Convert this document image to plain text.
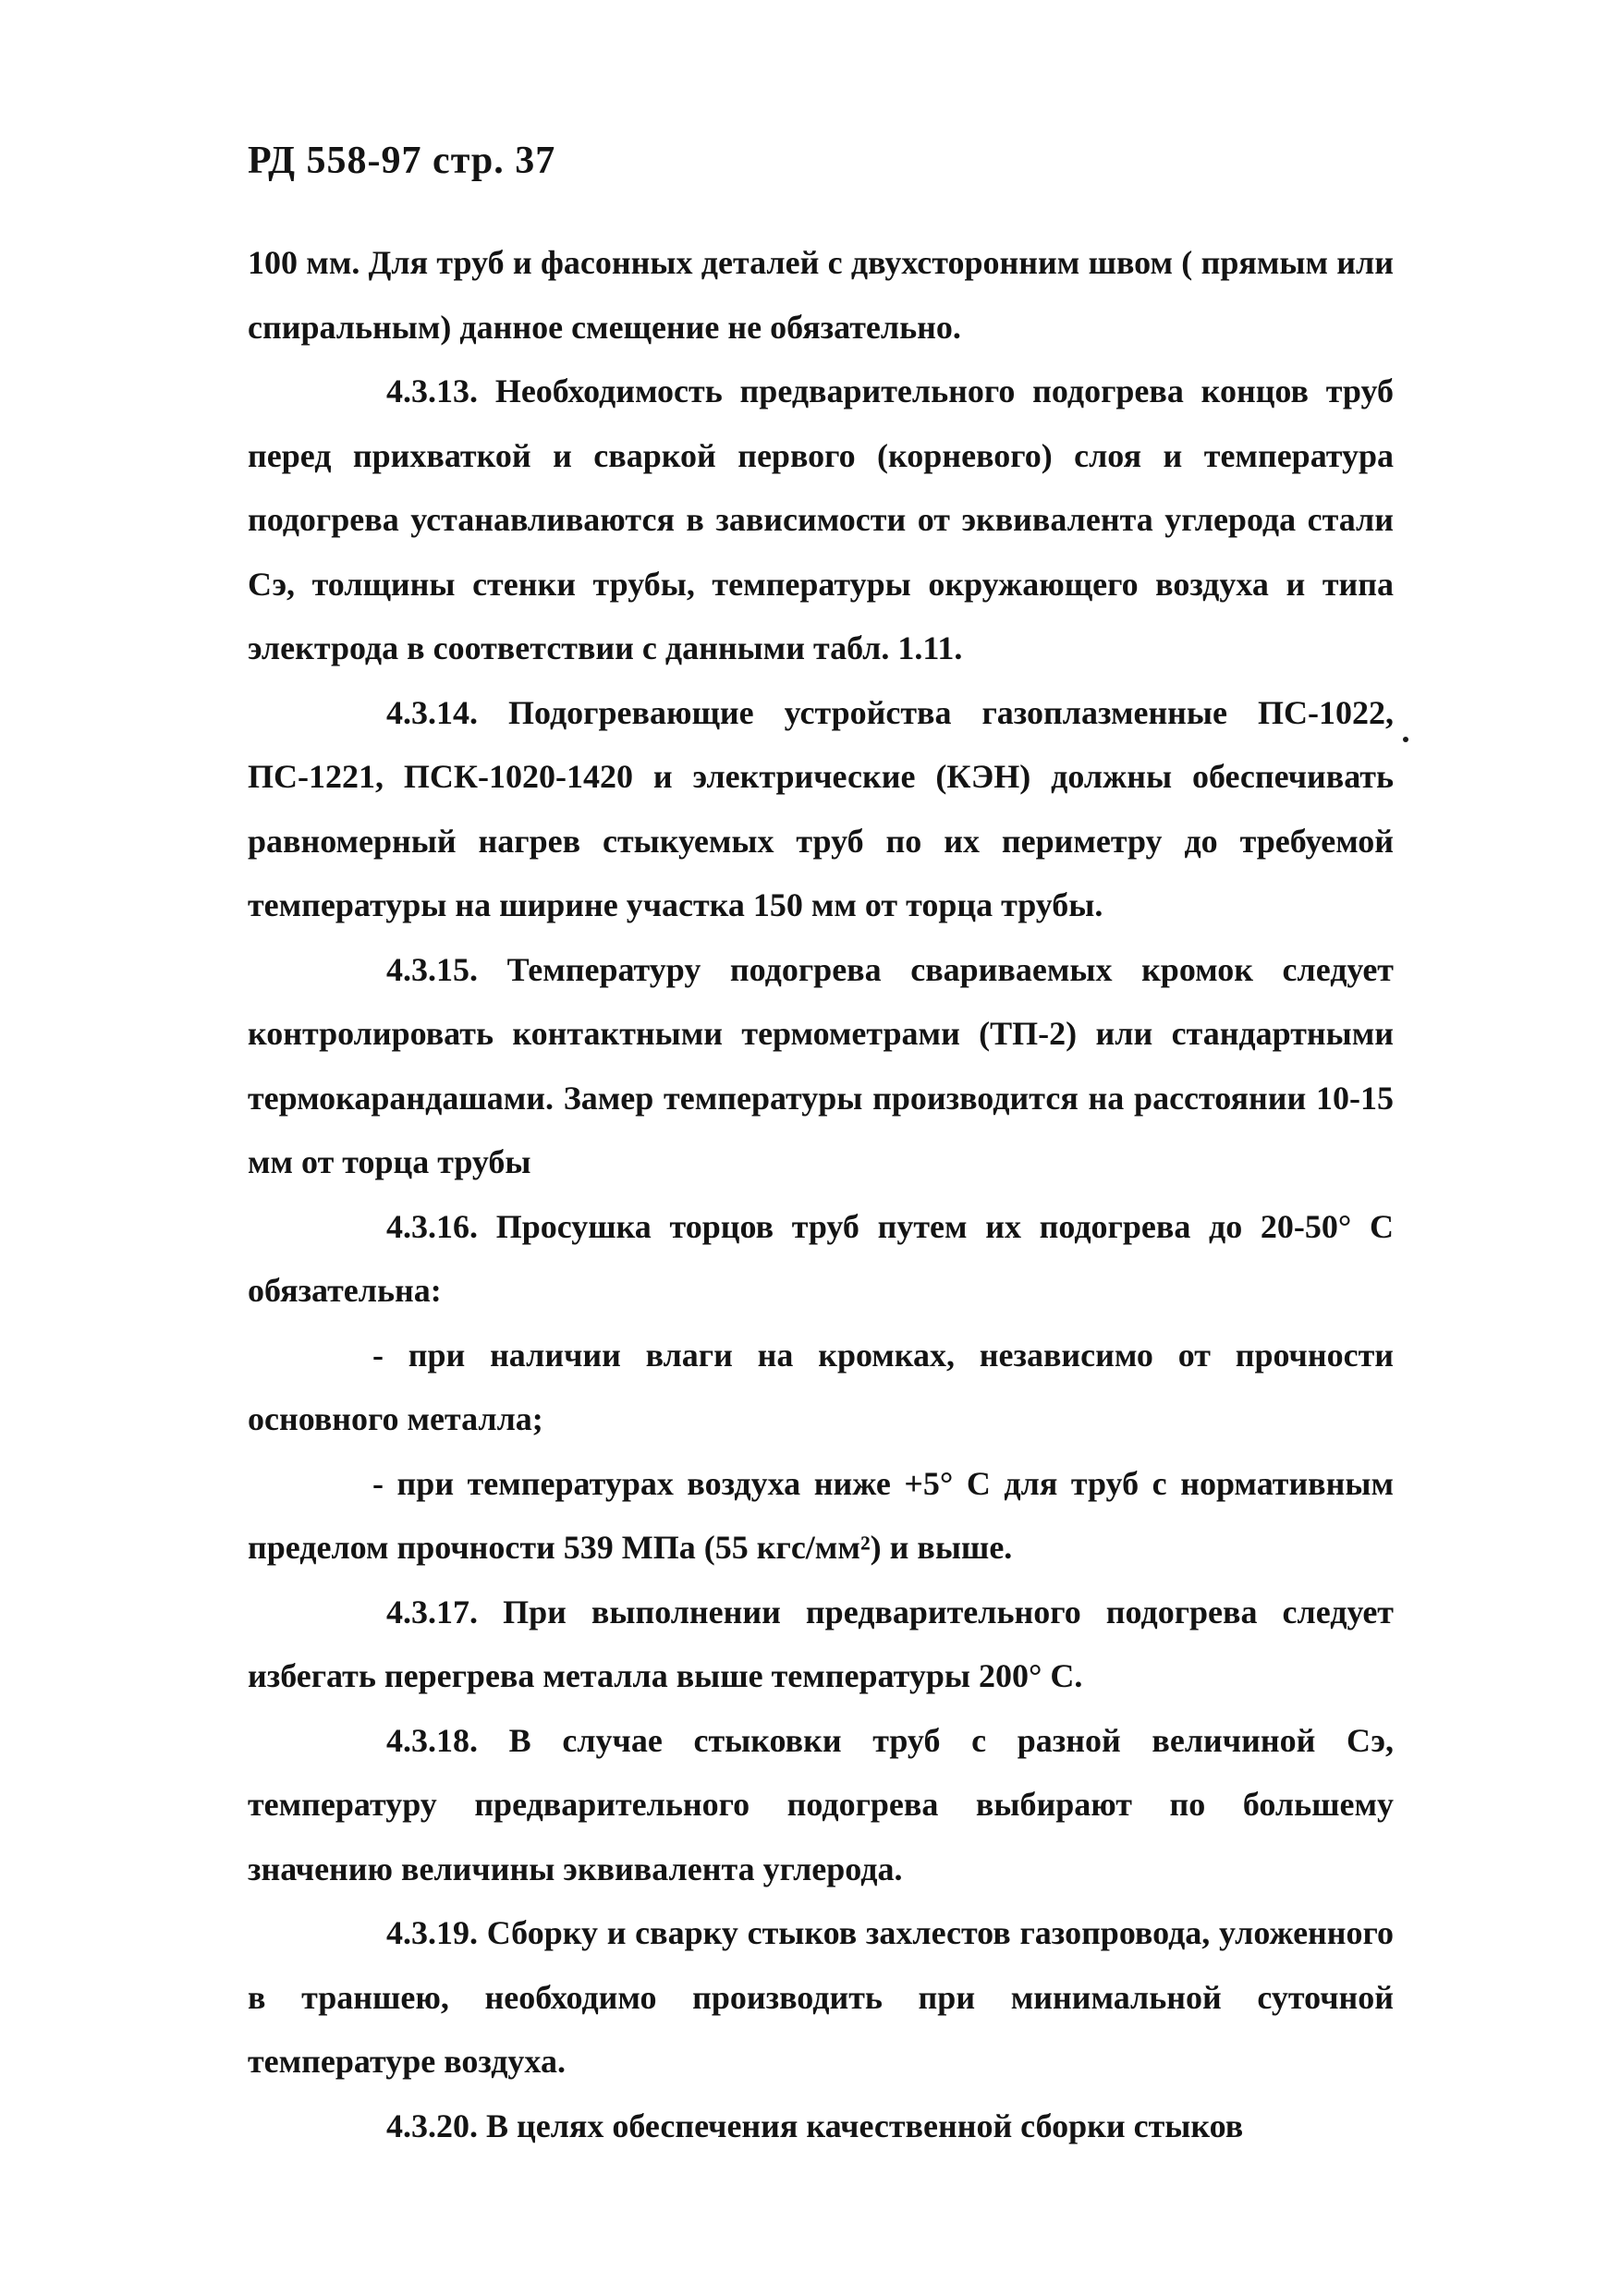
РД 558-97 стр. 37

100 мм. Для труб и фасонных деталей с двухсторонним швом ( прямым или спиральным) данное смещение не обязательно.

4.3.13. Необходимость предварительного подогрева концов труб перед прихваткой и сваркой первого (корневого) слоя и температура подогрева устанавливаются в зависимости от эквивалента углерода стали Сэ, толщины стенки трубы, температуры окружающего воздуха и типа электрода в соответствии с данными табл. 1.11.

4.3.14. Подогревающие устройства газоплазменные ПС-1022, ПС-1221, ПСК-1020-1420 и электрические (КЭН) должны обеспечивать равномерный нагрев стыкуемых труб по их периметру до требуемой температуры на ширине участка 150 мм от торца трубы.

4.3.15. Температуру подогрева свариваемых кромок следует контролировать контактными термометрами (ТП-2) или стандартными термокарандашами. Замер температуры производится на расстоянии 10-15 мм от торца трубы

4.3.16. Просушка торцов труб путем их подогрева до 20-50° С обязательна:

- при наличии влаги на кромках, независимо от прочности основного металла;

- при температурах воздуха ниже +5° С для труб с нормативным пределом прочности 539 МПа (55 кгс/мм²) и выше.

4.3.17. При выполнении предварительного подогрева следует избегать перегрева металла выше температуры 200° С.

4.3.18. В случае стыковки труб с разной величиной Сэ, температуру предварительного подогрева выбирают по большему значению величины эквивалента углерода.

4.3.19. Сборку и сварку стыков захлестов газопровода, уложенного в траншею, необходимо производить при минимальной суточной температуре воздуха.

4.3.20. В целях обеспечения качественной сборки стыков
